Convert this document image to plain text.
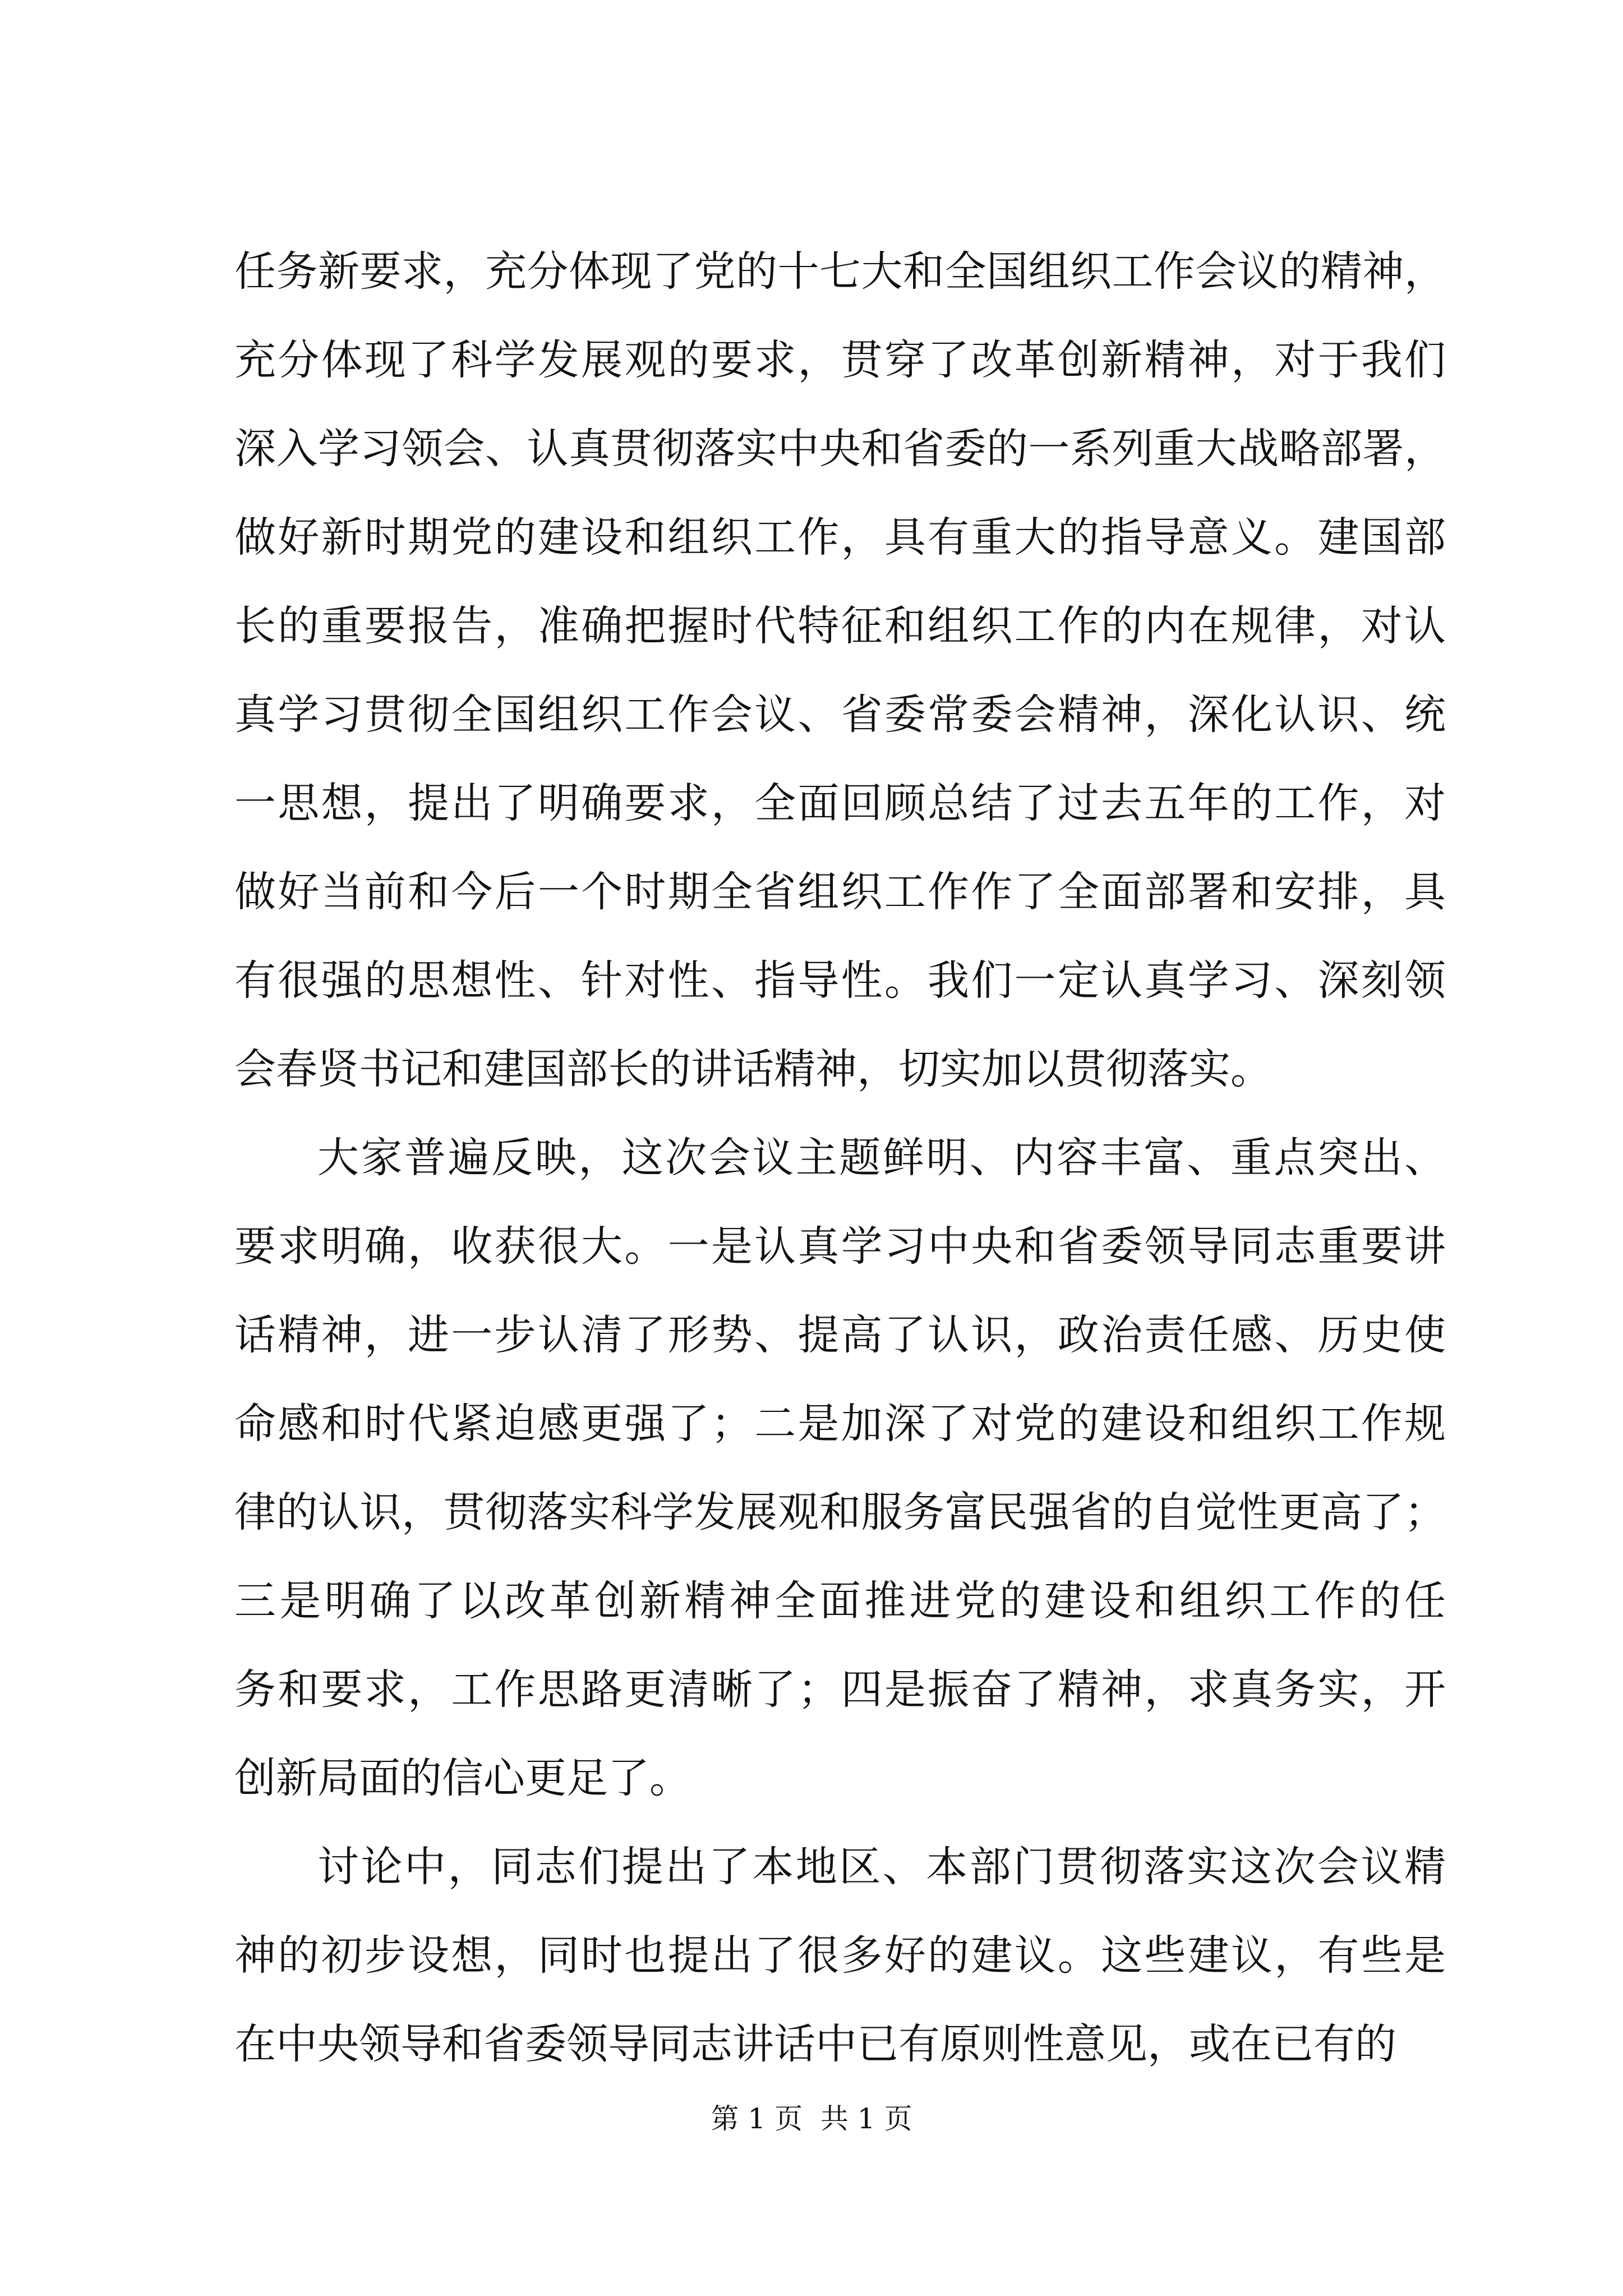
任务新要求，充分体现了党的十七大和全国组织工作会议的精神，
充分体现了科学发展观的要求，贯穿了改革创新精神，对于我们
深入学习领会、认真贯彻落实中央和省委的一系列重大战略部署，
做好新时期党的建设和组织工作，具有重大的指导意义。建国部
长的重要报告，准确把握时代特征和组织工作的内在规律，对认
真学习贯彻全国组织工作会议、省委常委会精神，深化认识、统
一思想，提出了明确要求，全面回顾总结了过去五年的工作，对
做好当前和今后一个时期全省组织工作作了全面部署和安排，具
有很强的思想性、针对性、指导性。我们一定认真学习、深刻领
会春贤书记和建国部长的讲话精神，切实加以贯彻落实。
大家普遍反映，这次会议主题鲜明、内容丰富、重点突出、
要求明确，收获很大。一是认真学习中央和省委领导同志重要讲
话精神，进一步认清了形势、提高了认识，政治责任感、历史使
命感和时代紧迫感更强了；二是加深了对党的建设和组织工作规
律的认识，贯彻落实科学发展观和服务富民强省的自觉性更高了；
三是明确了以改革创新精神全面推进党的建设和组织工作的任
务和要求，工作思路更清晰了；四是振奋了精神，求真务实，开
创新局面的信心更足了。
讨论中，同志们提出了本地区、本部门贯彻落实这次会议精
神的初步设想，同时也提出了很多好的建议。这些建议，有些是
在中央领导和省委领导同志讲话中已有原则性意见，或在已有的
第 1 页  共 1 页
